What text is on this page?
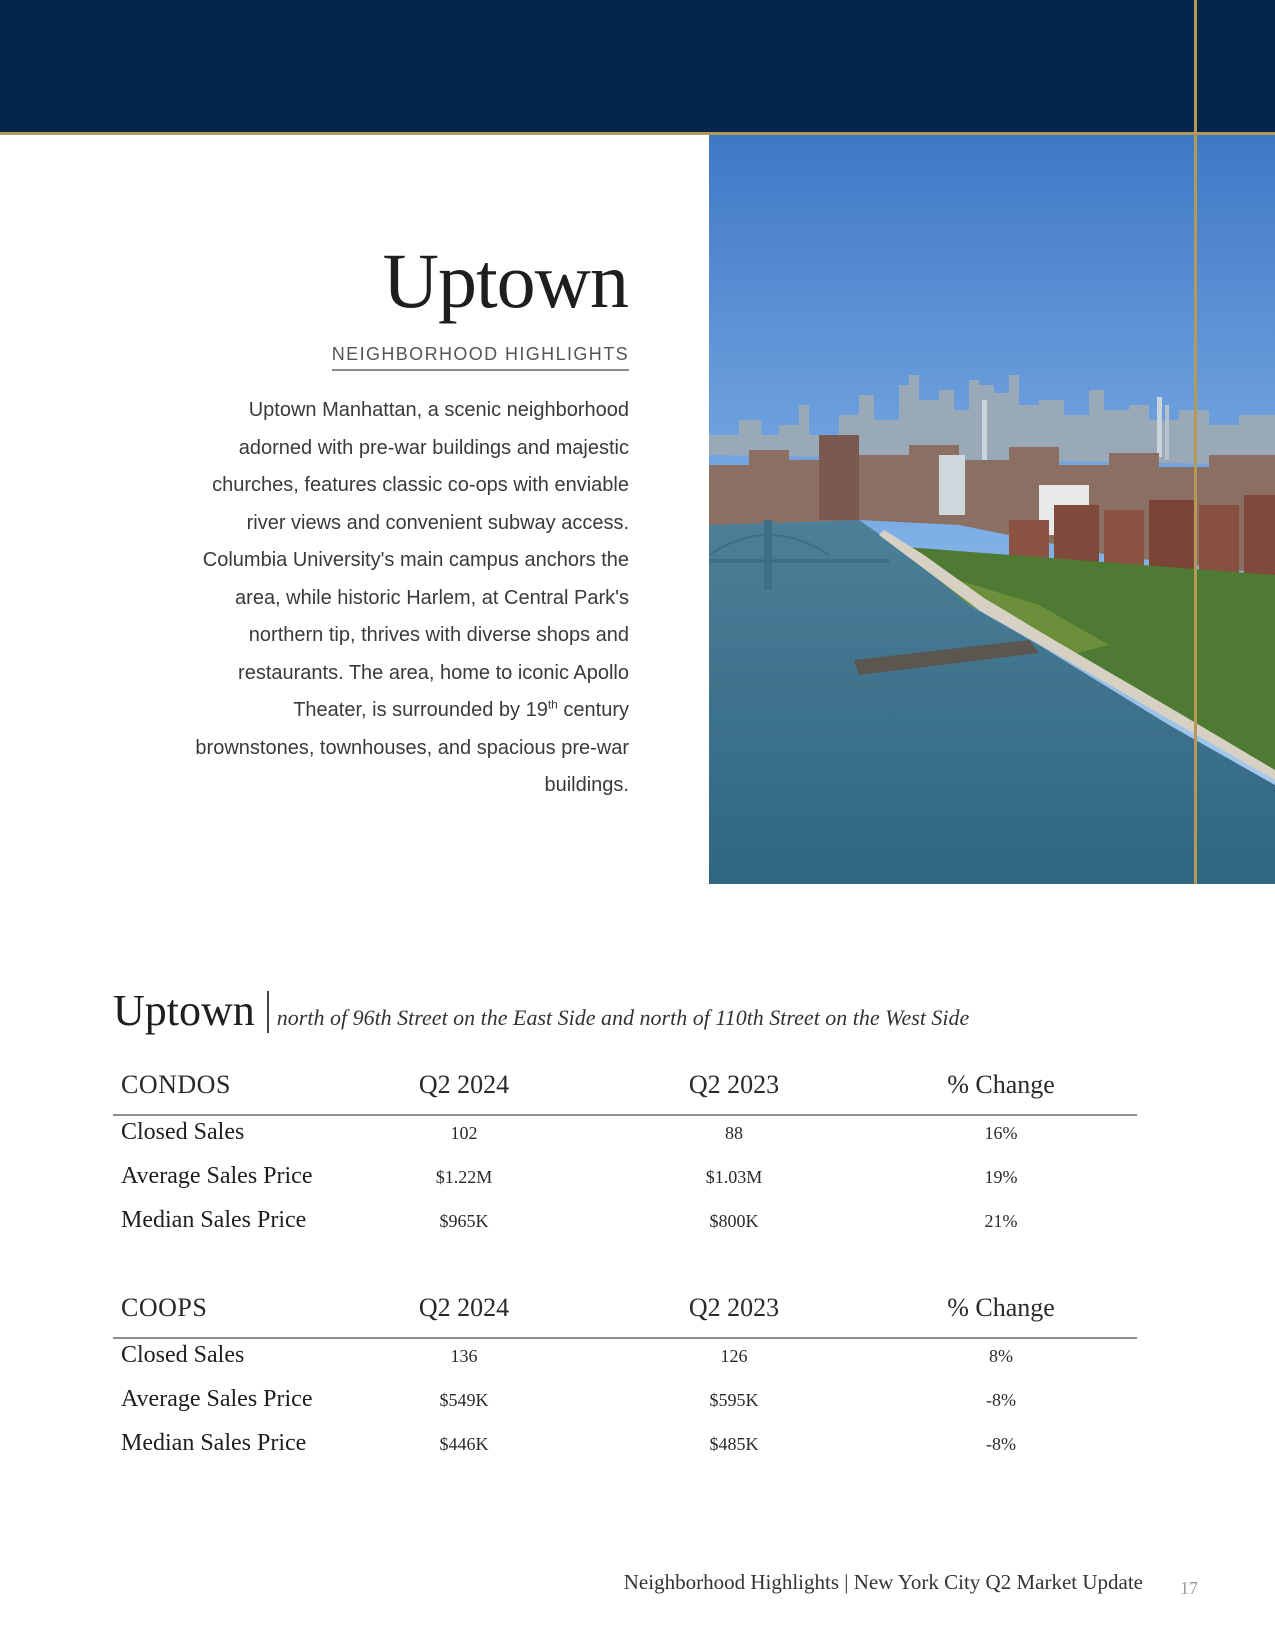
Uptown
NEIGHBORHOOD HIGHLIGHTS

Uptown Manhattan, a scenic neighborhood adorned with pre-war buildings and majestic churches, features classic co-ops with enviable river views and convenient subway access. Columbia University's main campus anchors the area, while historic Harlem, at Central Park's northern tip, thrives with diverse shops and restaurants. The area, home to iconic Apollo Theater, is surrounded by 19th century brownstones, townhouses, and spacious pre-war buildings.

Uptown north of 96th Street on the East Side and north of 110th Street on the West Side
CONDOS	Q2 2024	Q2 2023	% Change
Closed Sales	102	88	16%
Average Sales Price	$1.22M	$1.03M	19%
Median Sales Price	$965K	$800K	21%
COOPS	Q2 2024	Q2 2023	% Change
Closed Sales	136	126	8%
Average Sales Price	$549K	$595K	-8%
Median Sales Price	$446K	$485K	-8%
Neighborhood Highlights | New York City Q2 Market Update 17
